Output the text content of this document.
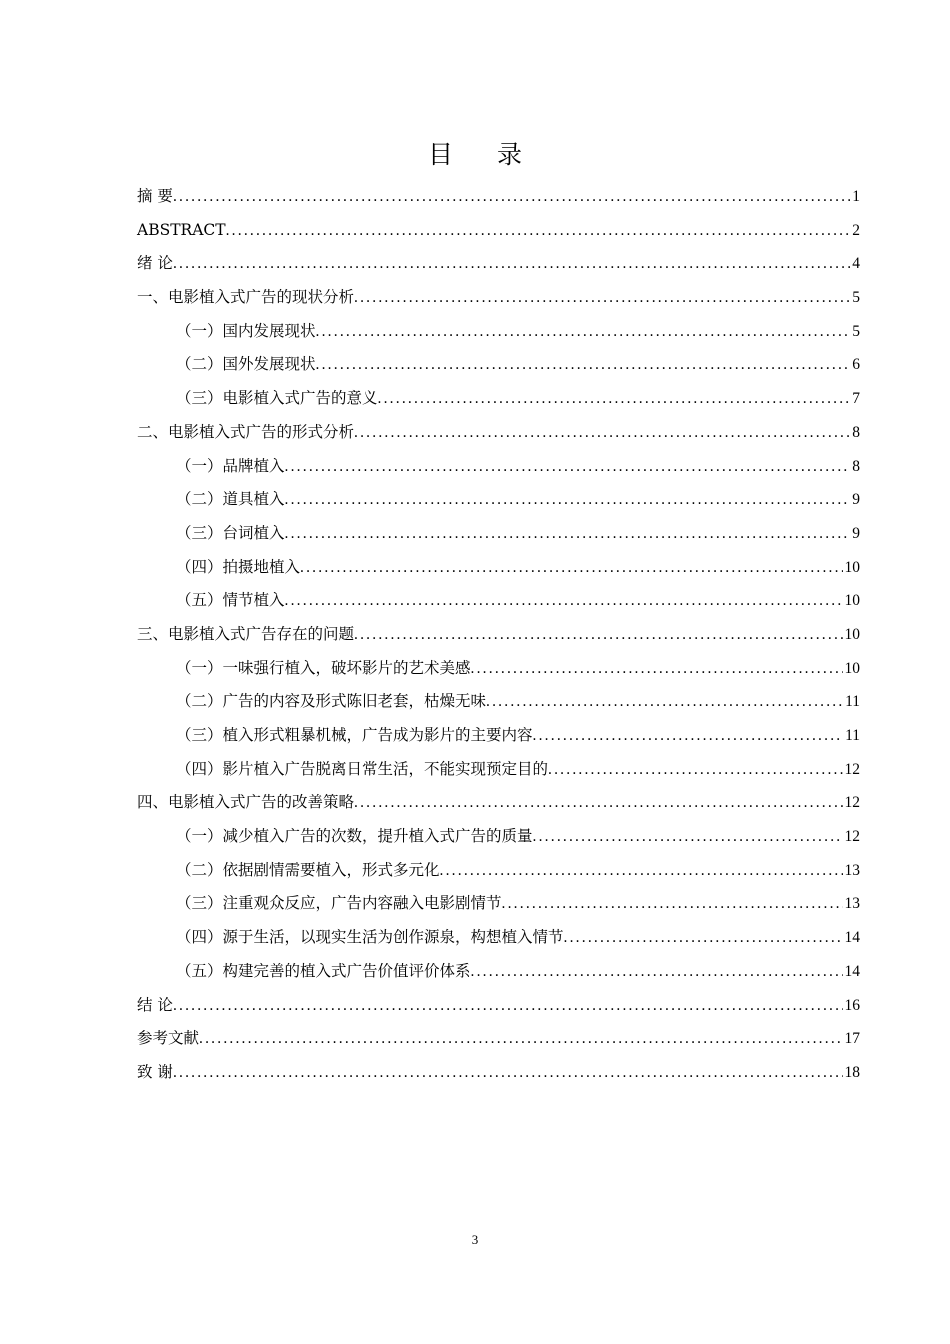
目 录
摘 要 .....	1
ABSTRACT .....	2
绪 论 .....	4
一、电影植入式广告的现状分析 .....	5
（一）国内发展现状 .....	5
（二）国外发展现状 .....	6
（三）电影植入式广告的意义 .....	7
二、电影植入式广告的形式分析 .....	8
（一）品牌植入 .....	8
（二）道具植入 .....	9
（三）台词植入 .....	9
（四）拍摄地植入 .....	10
（五）情节植入 .....	10
三、电影植入式广告存在的问题 .....	10
（一）一味强行植入，破坏影片的艺术美感 .....	10
（二）广告的内容及形式陈旧老套，枯燥无味 .....	11
（三）植入形式粗暴机械，广告成为影片的主要内容 .....	11
（四）影片植入广告脱离日常生活，不能实现预定目的 .....	12
四、电影植入式广告的改善策略 .....	12
（一）减少植入广告的次数，提升植入式广告的质量 .....	12
（二）依据剧情需要植入，形式多元化 .....	13
（三）注重观众反应，广告内容融入电影剧情节 .....	13
（四）源于生活，以现实生活为创作源泉，构想植入情节 .....	14
（五）构建完善的植入式广告价值评价体系 .....	14
结 论 .....	16
参考文献 .....	17
致 谢 .....	18
3
